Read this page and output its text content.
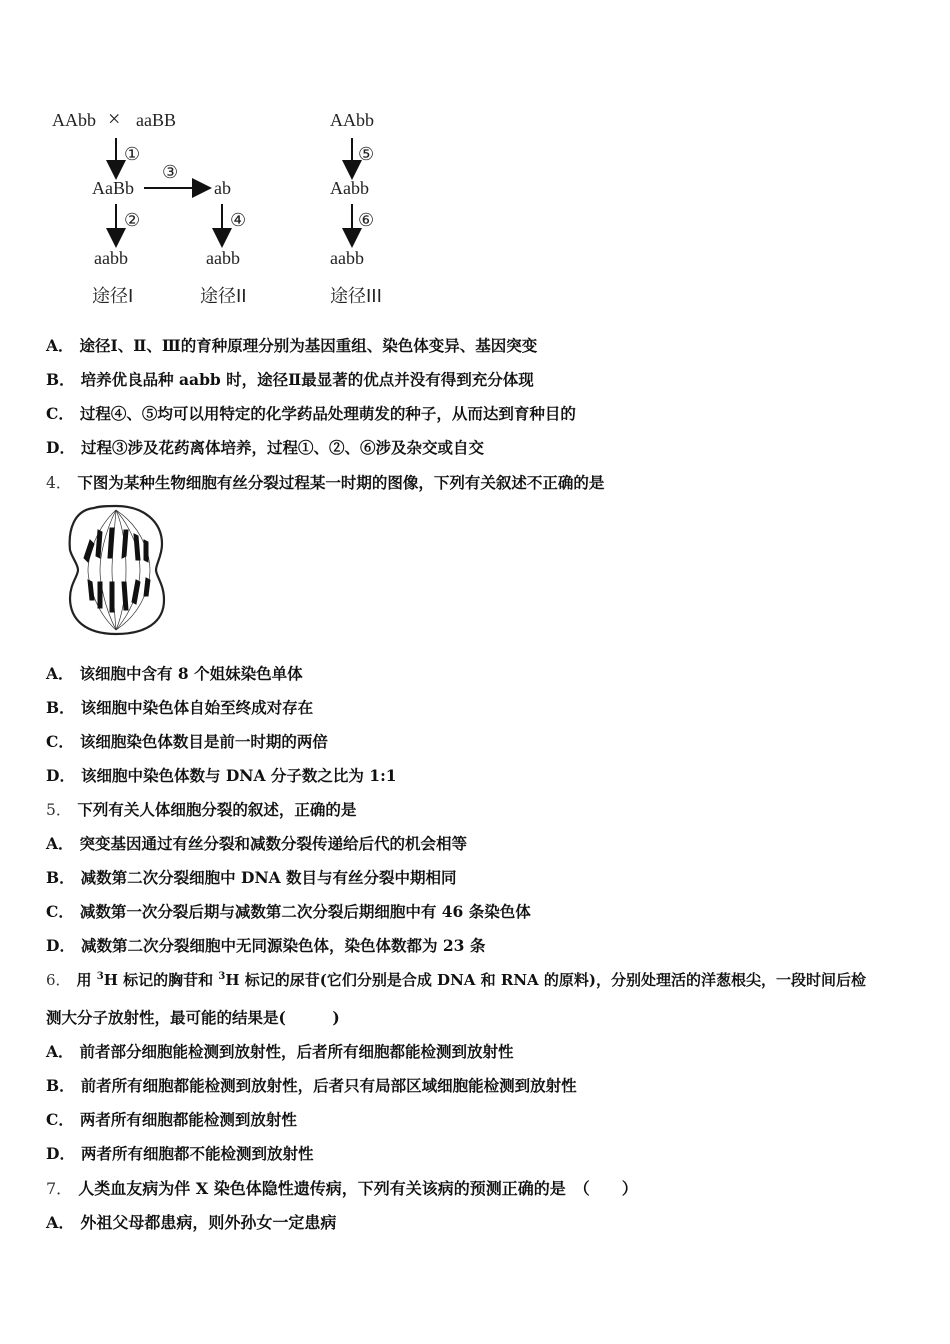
AAbb × aaBB
①
AaBb
③
ab
②	④
aabb	aabb
AAbb
⑤
Aabb
⑥
aabb
途径I	途径II	途径III
A． 途径Ⅰ、Ⅱ、Ⅲ的育种原理分别为基因重组、染色体变异、基因突变
B． 培养优良品种 aabb 时，途径Ⅱ最显著的优点并没有得到充分体现
C． 过程④、⑤均可以用特定的化学药品处理萌发的种子，从而达到育种目的
D． 过程③涉及花药离体培养，过程①、②、⑥涉及杂交或自交
4． 下图为某种生物细胞有丝分裂过程某一时期的图像，下列有关叙述不正确的是
A． 该细胞中含有 8 个姐妹染色单体
B． 该细胞中染色体自始至终成对存在
C． 该细胞染色体数目是前一时期的两倍
D． 该细胞中染色体数与 DNA 分子数之比为 1:1
5． 下列有关人体细胞分裂的叙述，正确的是
A． 突变基因通过有丝分裂和减数分裂传递给后代的机会相等
B． 减数第二次分裂细胞中 DNA 数目与有丝分裂中期相同
C． 减数第一次分裂后期与减数第二次分裂后期细胞中有 46 条染色体
D． 减数第二次分裂细胞中无同源染色体，染色体数都为 23 条
6． 用 $^3$H 标记的胸苷和 $^3$H 标记的尿苷(它们分别是合成 DNA 和 RNA 的原料)，分别处理活的洋葱根尖，一段时间后检
测大分子放射性，最可能的结果是(　　　)
A． 前者部分细胞能检测到放射性，后者所有细胞都能检测到放射性
B． 前者所有细胞都能检测到放射性，后者只有局部区域细胞能检测到放射性
C． 两者所有细胞都能检测到放射性
D． 两者所有细胞都不能检测到放射性
7． 人类血友病为伴 X 染色体隐性遗传病，下列有关该病的预测正确的是　（　　）
A． 外祖父母都患病，则外孙女一定患病
